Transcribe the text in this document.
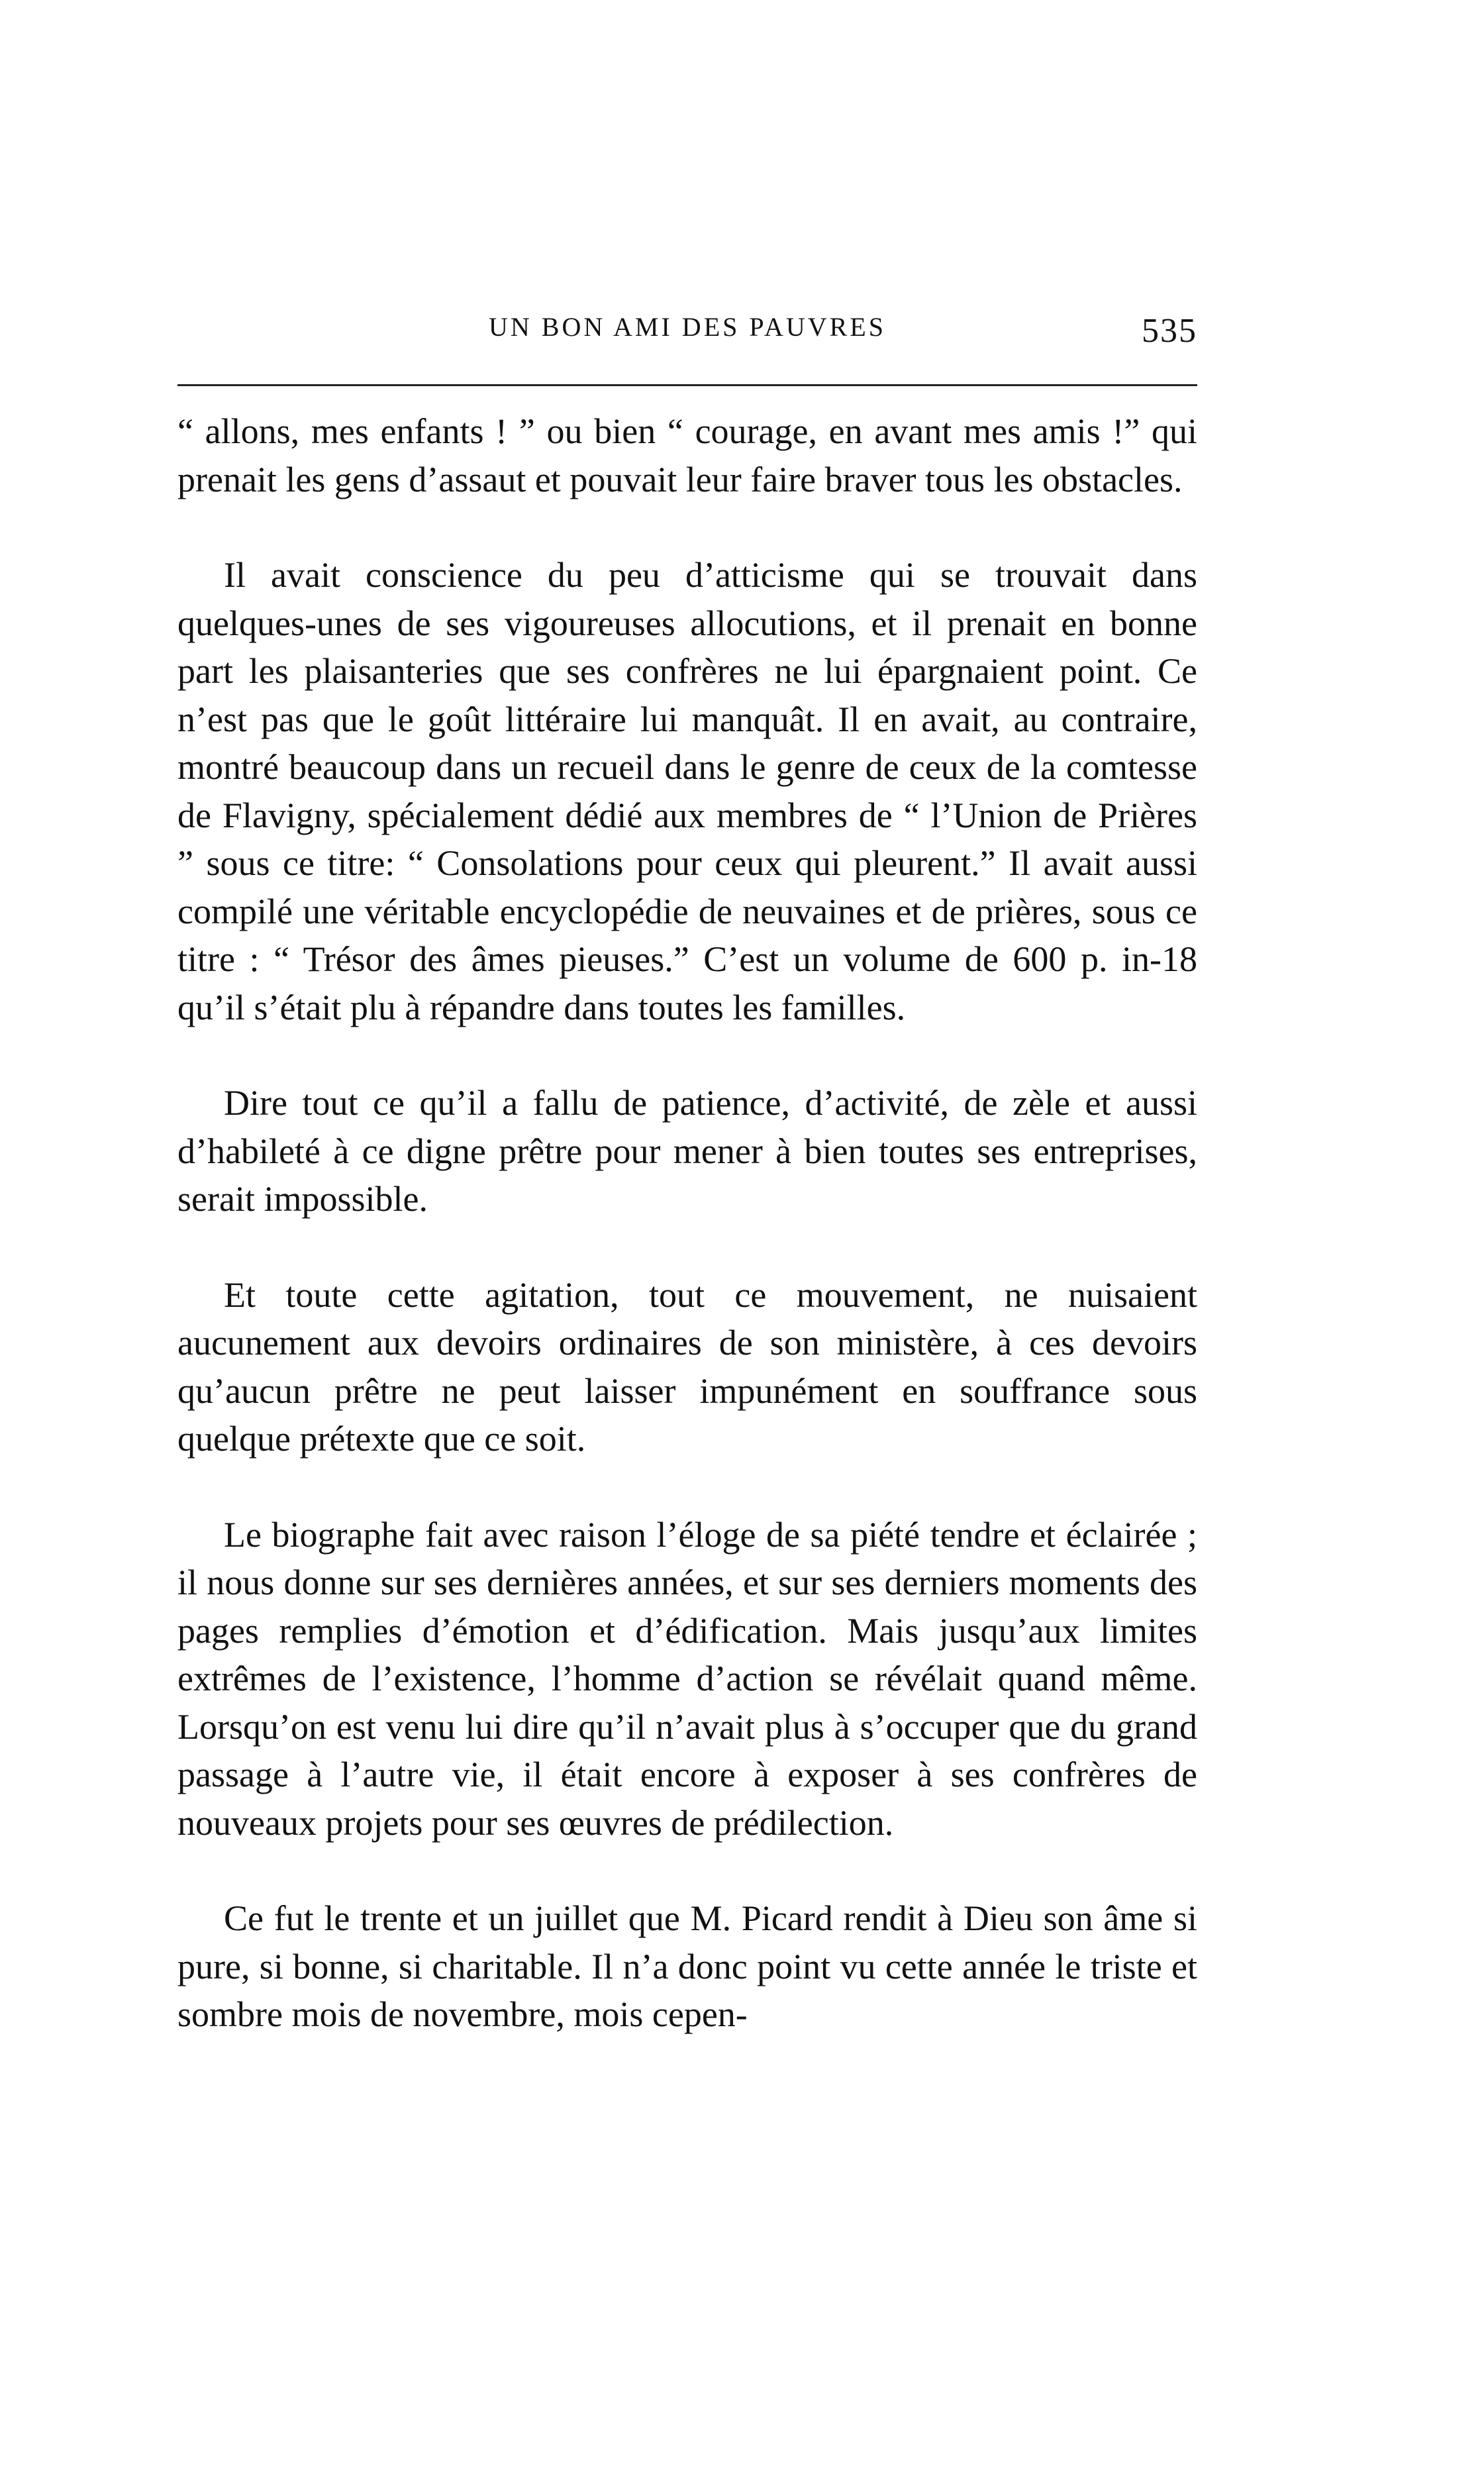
UN BON AMI DES PAUVRES	535

“ allons, mes enfants ! ” ou bien “ courage, en avant mes amis !” qui prenait les gens d’assaut et pouvait leur faire braver tous les obstacles.

Il avait conscience du peu d’atticisme qui se trouvait dans quelques-unes de ses vigoureuses allocutions, et il prenait en bonne part les plaisanteries que ses confrères ne lui épargnaient point. Ce n’est pas que le goût littéraire lui manquât. Il en avait, au contraire, montré beaucoup dans un recueil dans le genre de ceux de la comtesse de Flavigny, spécialement dédié aux membres de “ l’Union de Prières ” sous ce titre: “ Consolations pour ceux qui pleurent.” Il avait aussi compilé une véritable encyclopédie de neuvaines et de prières, sous ce titre : “ Trésor des âmes pieuses.” C’est un volume de 600 p. in-18 qu’il s’était plu à répandre dans toutes les familles.

Dire tout ce qu’il a fallu de patience, d’activité, de zèle et aussi d’habileté à ce digne prêtre pour mener à bien toutes ses entreprises, serait impossible.

Et toute cette agitation, tout ce mouvement, ne nuisaient aucunement aux devoirs ordinaires de son ministère, à ces devoirs qu’aucun prêtre ne peut laisser impunément en souffrance sous quelque prétexte que ce soit.

Le biographe fait avec raison l’éloge de sa piété tendre et éclairée ; il nous donne sur ses dernières années, et sur ses derniers moments des pages remplies d’émotion et d’édification. Mais jusqu’aux limites extrêmes de l’existence, l’homme d’action se révélait quand même. Lorsqu’on est venu lui dire qu’il n’avait plus à s’occuper que du grand passage à l’autre vie, il était encore à exposer à ses confrères de nouveaux projets pour ses œuvres de prédilection.

Ce fut le trente et un juillet que M. Picard rendit à Dieu son âme si pure, si bonne, si charitable. Il n’a donc point vu cette année le triste et sombre mois de novembre, mois cepen-
